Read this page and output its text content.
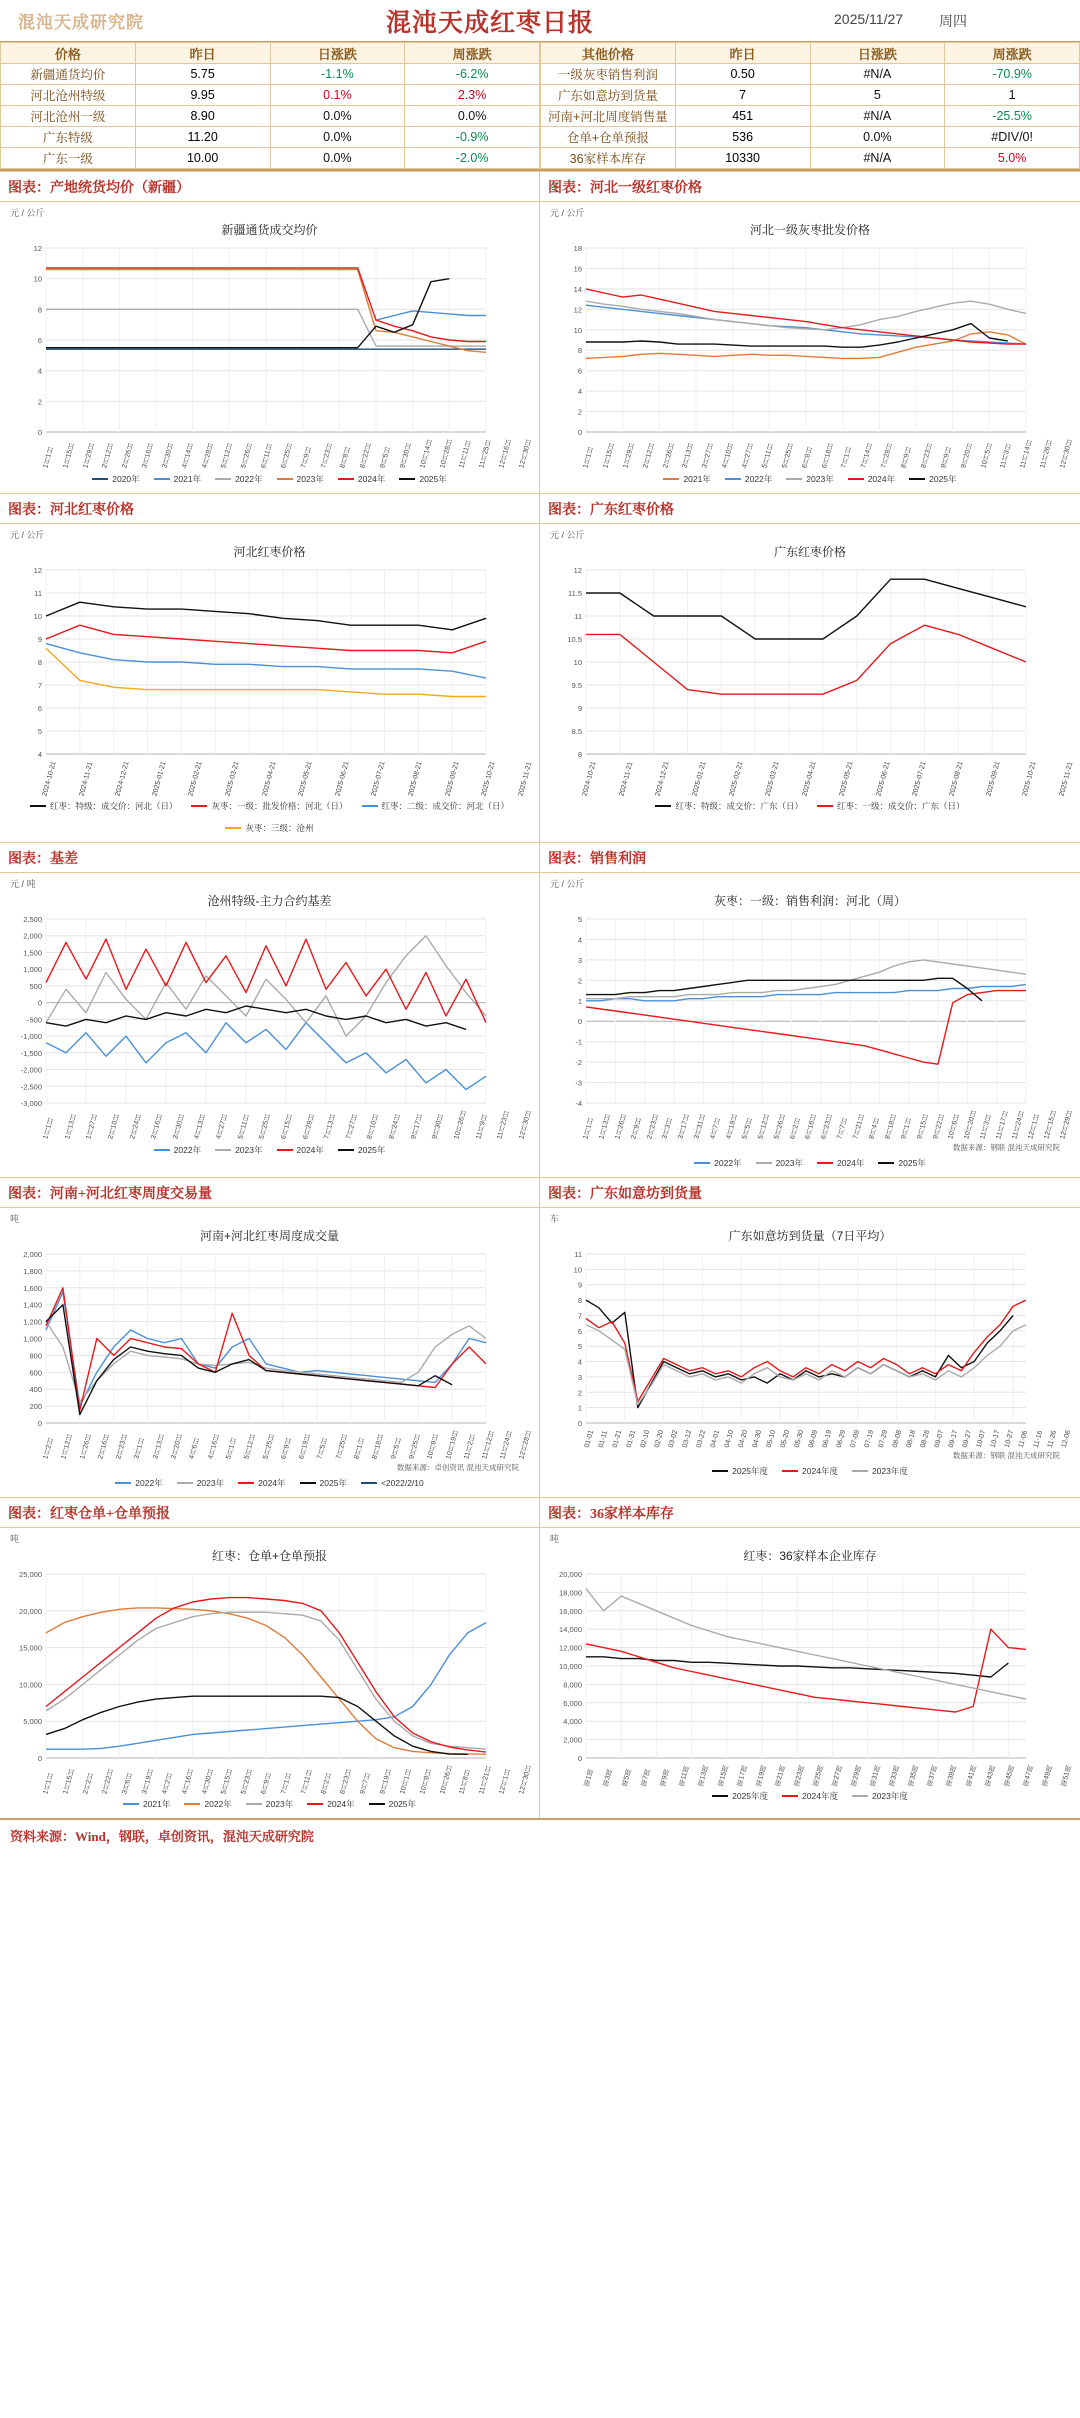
混沌天成研究院	混沌天成红枣日报	2025/11/27	周四
价格	昨日	日涨跌	周涨跌
新疆通货均价	5.75	-1.1%	-6.2%
河北沧州特级	9.95	0.1%	2.3%
河北沧州一级	8.90	0.0%	0.0%
广东特级	11.20	0.0%	-0.9%
广东一级	10.00	0.0%	-2.0%
其他价格	昨日	日涨跌	周涨跌
一级灰枣销售利润	0.50	#N/A	-70.9%
广东如意坊到货量	7	5	1
河南+河北周度销售量	451	#N/A	-25.5%
仓单+仓单预报	536	0.0%	#DIV/0!
36家样本库存	10330	#N/A	5.0%
图表：产地统货均价（新疆）	图表：河北一级红枣价格
元 / 公斤
新疆通货成交均价
0
2
4
6
8
10
12
1月1日 1月15日 1月29日 2月12日 2月26日 3月16日 3月30日 4月14日 4月28日 5月12日 5月26日 6月11日 6月25日 7月9日 7月23日 8月8日 8月22日 9月5日 9月30日 10月14日 10月28日 11月11日 11月25日 12月16日 12月30日
2020年	2021年	2022年	2023年	2024年	2025年
元 / 公斤
河北一级灰枣批发价格
0
2
4
6
8
10
12
14
16
18
1月1日 1月15日 1月29日 2月12日 2月26日 3月13日 3月27日 4月10日 4月27日 5月11日 5月25日 6月8日 6月18日 7月1日 7月14日 7月28日 8月9日 8月23日 9月9日 9月20日 10月5日 11月3日 11月14日 11月26日 12月30日
2021年	2022年	2023年	2024年	2025年
图表：河北红枣价格	图表：广东红枣价格
元 / 公斤
河北红枣价格
4
5
6
7
8
9
10
11
12
2024-10-21	2024-11-21	2024-12-21	2025-01-21	2025-02-21	2025-03-21	2025-04-21	2025-05-21	2025-06-21	2025-07-21	2025-08-21	2025-09-21	2025-10-21	2025-11-21
红枣：特级：成交价：河北（日）	灰枣：一级：批发价格：河北（日）	红枣：二级：成交价：河北（日）
灰枣：三级：沧州
元 / 公斤
广东红枣价格
8
8.5
9
9.5
10
10.5
11
11.5
12
2024-10-21	2024-11-21	2024-12-21	2025-01-21	2025-02-21	2025-03-21	2025-04-21	2025-05-21	2025-06-21	2025-07-21	2025-08-21	2025-09-21	2025-10-21	2025-11-21
红枣：特级：成交价：广东（日）	红枣：一级：成交价：广东（日）
图表：基差	图表：销售利润
元 / 吨
沧州特级-主力合约基差
-3,000
-2,500
-2,000
-1,500
-1,000
-500
0
500
1,000
1,500
2,000
2,500
1月1日 1月13日 1月27日 2月10日 2月24日 3月16日 3月30日 4月13日 4月27日 5月11日 5月25日 6月15日 6月29日 7月13日 7月27日 8月10日 8月24日 9月17日 9月30日 10月26日 11月9日 11月23日 12月30日
2022年	2023年	2024年	2025年
元 / 公斤
灰枣：一级：销售利润：河北（周）
-4
-3
-2
-1
0
1
2
3
4
5
1月1日 1月13日 1月26日 2月9日 2月23日 3月3日 3月17日 3月31日 4月7日 4月19日 5月5日 5月12日 5月26日 6月2日 6月16日 6月23日 7月7日 7月21日 8月4日 8月18日 9月1日 9月15日 9月22日 10月6日 10月20日 11月3日 11月17日 11月24日 12月1日 12月15日 12月29日
数据来源：钢联 混沌天成研究院
2022年	2023年	2024年	2025年
图表：河南+河北红枣周度交易量	图表：广东如意坊到货量
吨
河南+河北红枣周度成交量
0
200
400
600
800
1,000
1,200
1,400
1,600
1,800
2,000
1月2日 1月12日 1月26日 2月16日 2月23日 3月1日 3月13日 3月20日 4月6日 4月16日 5月1日 5月12日 5月25日 6月9日 6月19日 7月5日 7月25日 8月1日 8月18日 9月5日 9月25日 10月9日 10月19日 11月2日 11月12日 11月24日 12月28日
数据来源：卓创资讯 混沌天成研究院
2022年	2023年	2024年	2025年	<2022/2/10
车
广东如意坊到货量（7日平均）
0
1
2
3
4
5
6
7
8
9
10
11
01-01 01-11 01-21 01-31 02-10 02-20 03-02 03-12 03-22 04-01 04-10 04-20 04-30 05-10 05-20 05-30 06-09 06-19 06-29 07-09 07-19 07-29 08-08 08-18 08-28 09-07 09-17 09-27 10-07 10-17 10-27 11-06 11-16 11-26 12-06
数据来源：钢联 混沌天成研究院
2025年度	2024年度	2023年度
图表：红枣仓单+仓单预报	图表：36家样本库存
吨
红枣：仓单+仓单预报
0
5,000
10,000
15,000
20,000
25,000
1月1日 1月15日 2月2日 2月22日 3月6日 3月19日 4月2日 4月16日 4月30日 5月15日 5月23日 6月9日 7月1日 7月11日 8月2日 8月23日 9月7日 9月19日 10月1日 10月8日 10月26日 11月8日 11月21日 12月1日 12月30日
2021年	2022年	2023年	2024年	2025年
吨
红枣：36家样本企业库存
0
2,000
4,000
6,000
8,000
10,000
12,000
14,000
16,000
18,000
20,000
第1周 第3周 第5周 第7周 第9周 第11周 第13周 第15周 第17周 第19周 第21周 第23周 第25周 第27周 第29周 第31周 第33周 第35周 第37周 第39周 第41周 第43周 第45周 第47周 第49周 第51周
2025年度	2024年度	2023年度
资料来源：Wind，钢联，卓创资讯，混沌天成研究院
